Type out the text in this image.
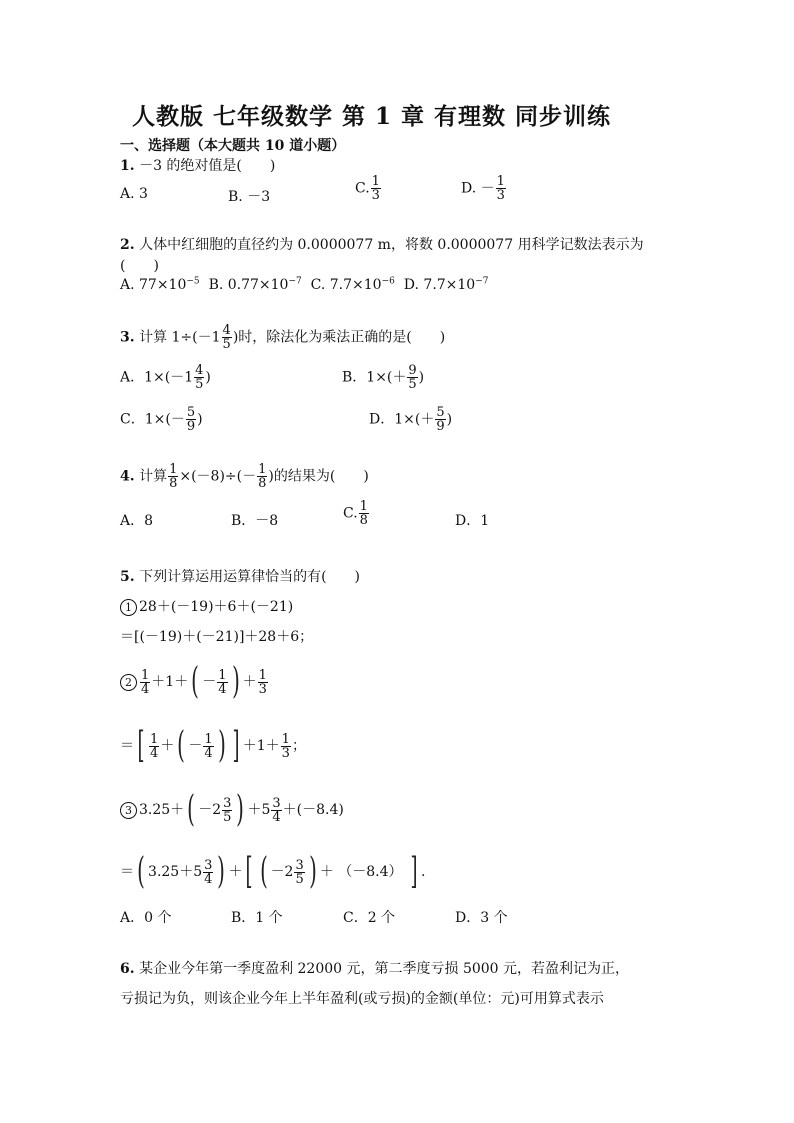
人教版 七年级数学 第 1 章 有理数 同步训练
一、选择题（本大题共 10 道小题）
1. －3 的绝对值是(　　)
A. 3	B. －3
C. $\frac{1}{3}$	D. － $\frac{1}{3}$
2. 人体中红细胞的直径约为 0.0000077 m，将数 0.0000077 用科学记数法表示为
(　　)
A. $77\times 10^{-5}$ B. $0.77\times 10^{-7}$ C. $7.7\times 10^{-6}$ D. $7.7\times 10^{-7}$
3. 计算 $1\div(-1 \frac{4}{5}$ )时，除法化为乘法正确的是(　　)
A．$1\times(-1 \frac{4}{5}$ )	B．$1\times(+ \frac{9}{5}$ )
C．$1\times(- \frac{5}{9}$ )	D．$1\times(+ \frac{5}{9}$ )
4. 计算 $\frac{1}{8} \times(-8)\div(- \frac{1}{8}$ )的结果为(　　)
A．8	B．－8	C. $\frac{1}{8}$	D．1
5. 下列计算运用运算律恰当的有(　　)
1 28＋(－19)＋6＋(－21)
＝[(－19)＋(－21)]＋28＋6；
$2 \frac{1}{4} +1+( - \frac{1}{4}$ ) ＋ $\frac{1}{3}$
＝[ $\frac{1}{4}$ ＋( － $\frac{1}{4}$ ) ] $+1+ \frac{1}{3}$ ；
3 $3.25+( -2 \frac{3}{5}$ ) $+5 \frac{3}{4} +(-8.4)$
＝( $3.25+5 \frac{3}{4}$ ) ＋[ ( $-2 \frac{3}{5}$ ) ＋ （－8.4） ] .
A．0 个	B．1 个	C．2 个	D．3 个
6. 某企业今年第一季度盈利 22000 元，第二季度亏损 5000 元，若盈利记为正，
亏损记为负，则该企业今年上半年盈利(或亏损)的金额(单位：元)可用算式表示
